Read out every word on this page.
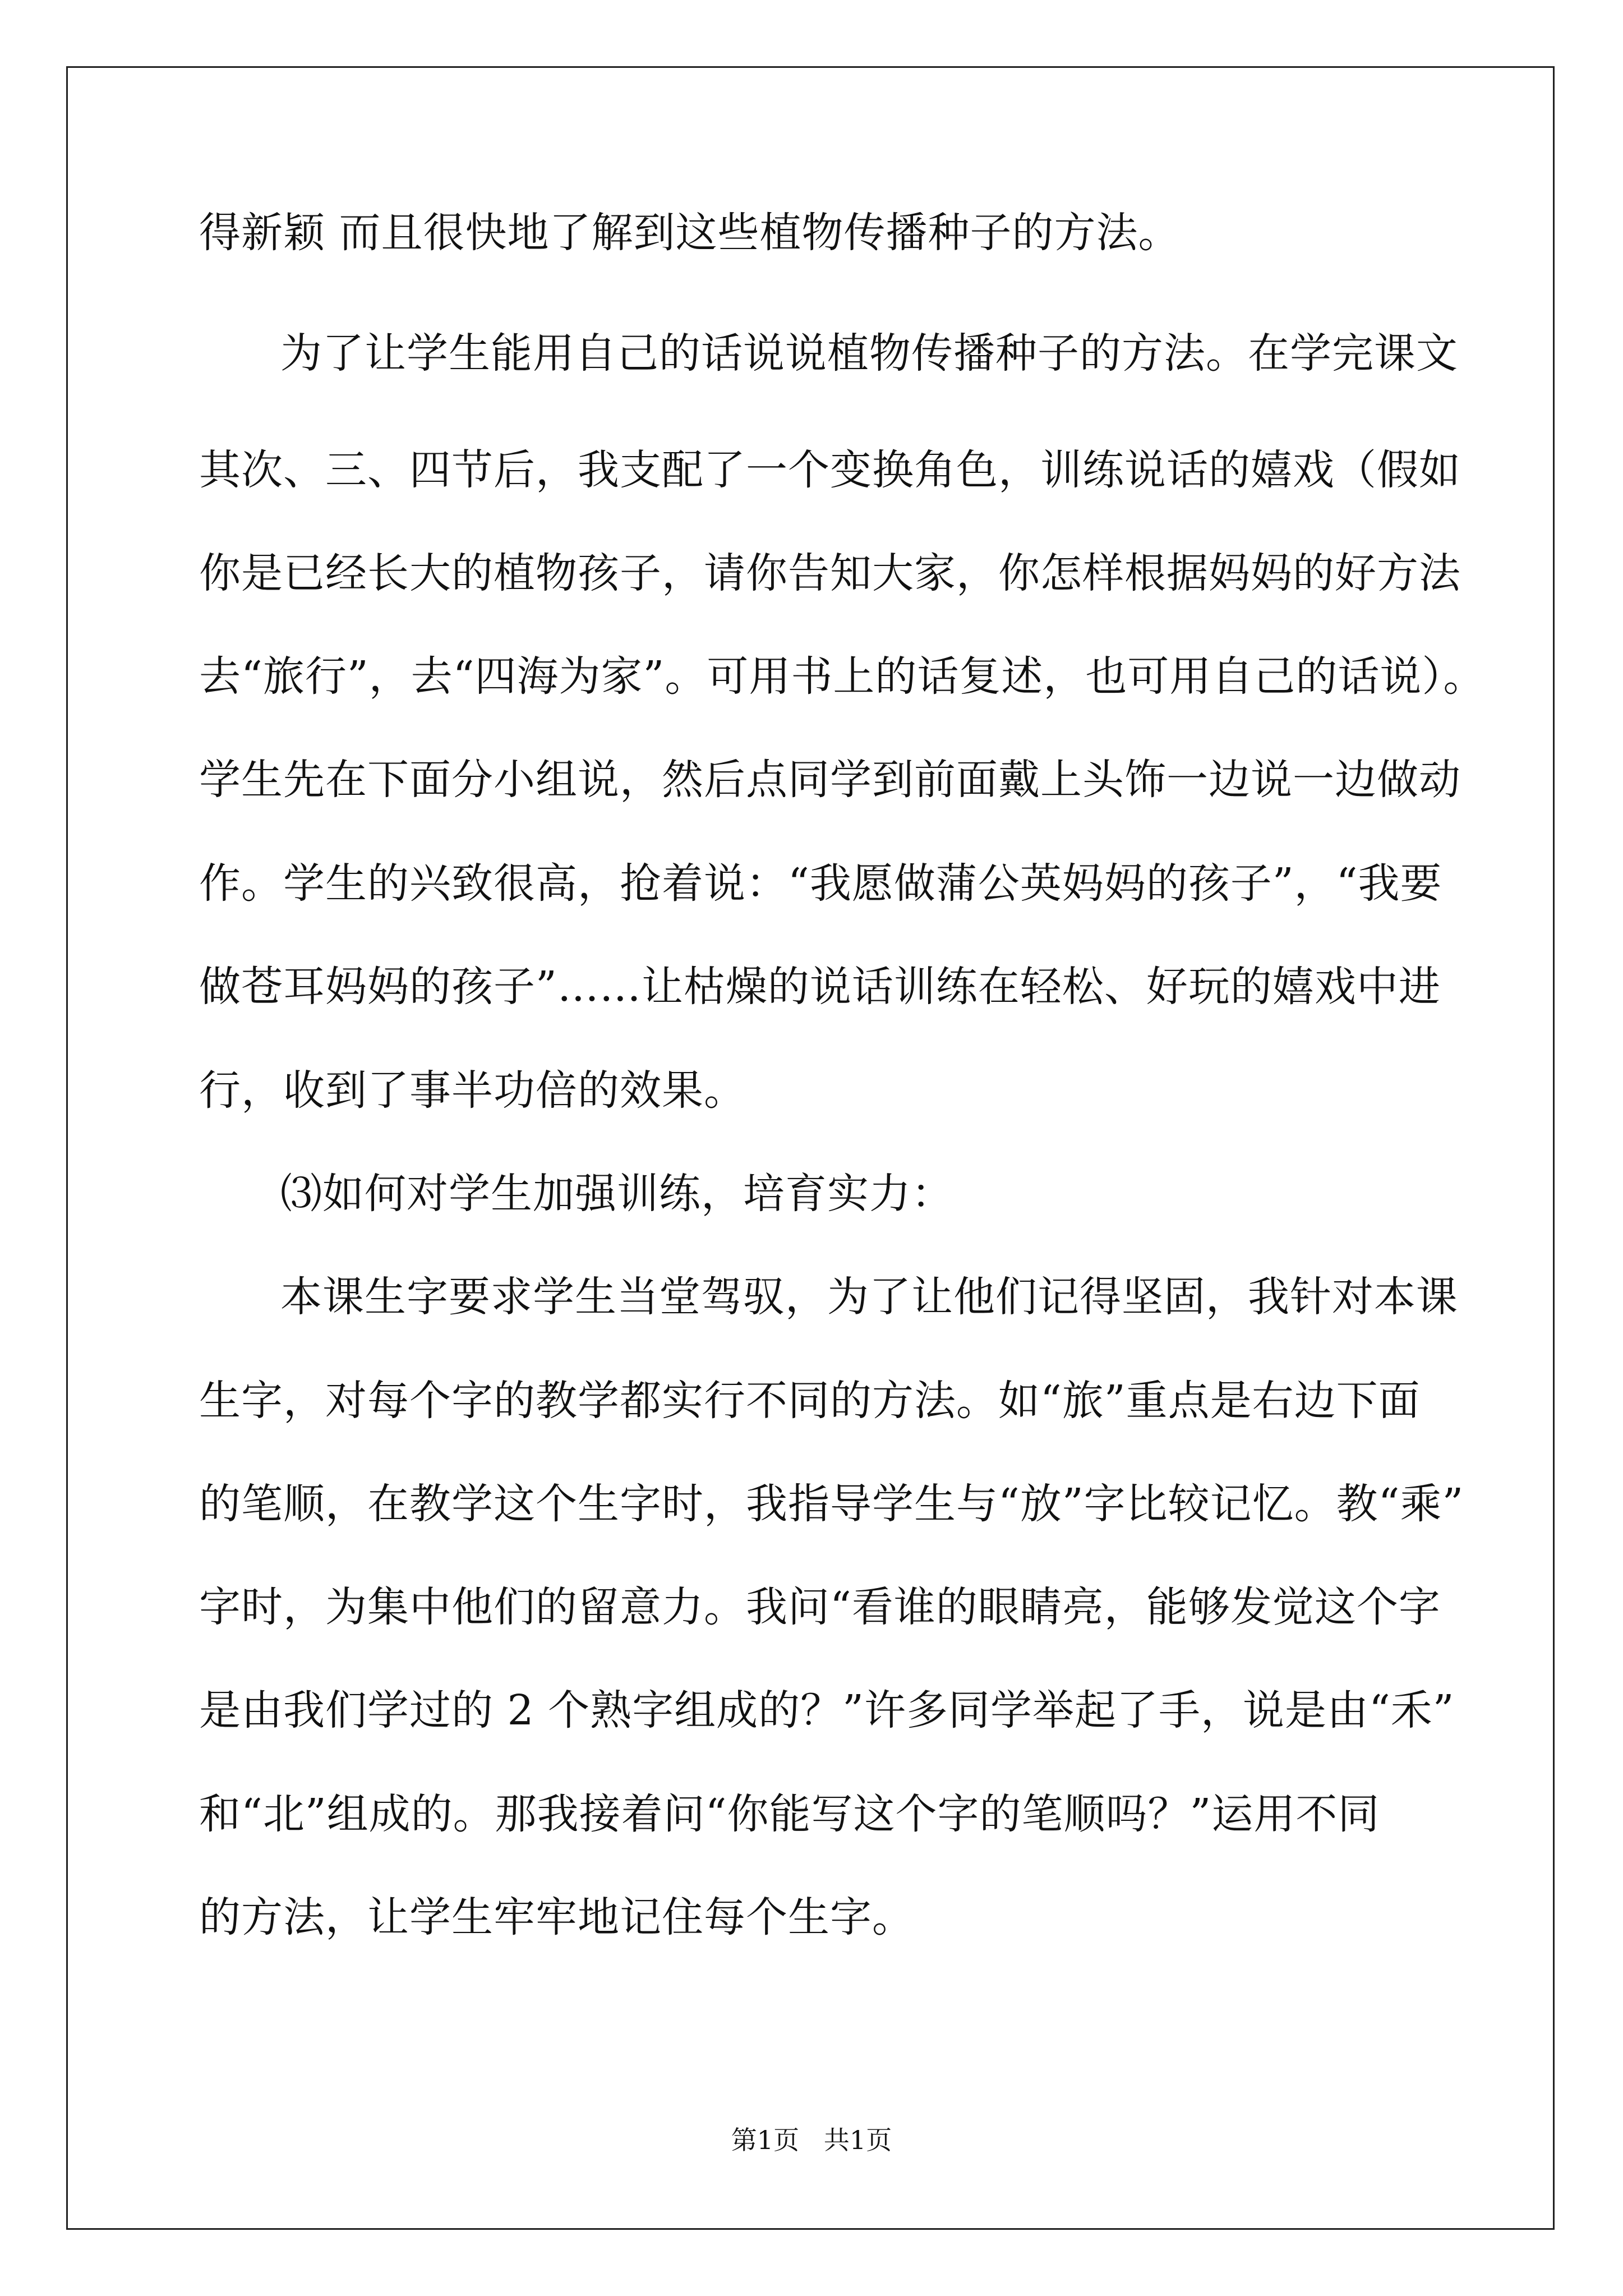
得新颖 而且很快地了解到这些植物传播种子的方法。
为了让学生能用自己的话说说植物传播种子的方法。在学完课文
其次、三、四节后，我支配了一个变换角色，训练说话的嬉戏（假如
你是已经长大的植物孩子，请你告知大家，你怎样根据妈妈的好方法
去“旅行”，去“四海为家”。可用书上的话复述，也可用自己的话说）。
学生先在下面分小组说，然后点同学到前面戴上头饰一边说一边做动
作。学生的兴致很高，抢着说：“我愿做蒲公英妈妈的孩子”，“我要
做苍耳妈妈的孩子”……让枯燥的说话训练在轻松、好玩的嬉戏中进
行，收到了事半功倍的效果。
⑶如何对学生加强训练，培育实力：
本课生字要求学生当堂驾驭，为了让他们记得坚固，我针对本课
生字，对每个字的教学都实行不同的方法。如“旅”重点是右边下面
的笔顺，在教学这个生字时，我指导学生与“放”字比较记忆。教“乘”
字时，为集中他们的留意力。我问“看谁的眼睛亮，能够发觉这个字
是由我们学过的 2 个熟字组成的？”许多同学举起了手，说是由“禾”
和“北”组成的。那我接着问“你能写这个字的笔顺吗？”运用不同
的方法，让学生牢牢地记住每个生字。
第1页   共1页
